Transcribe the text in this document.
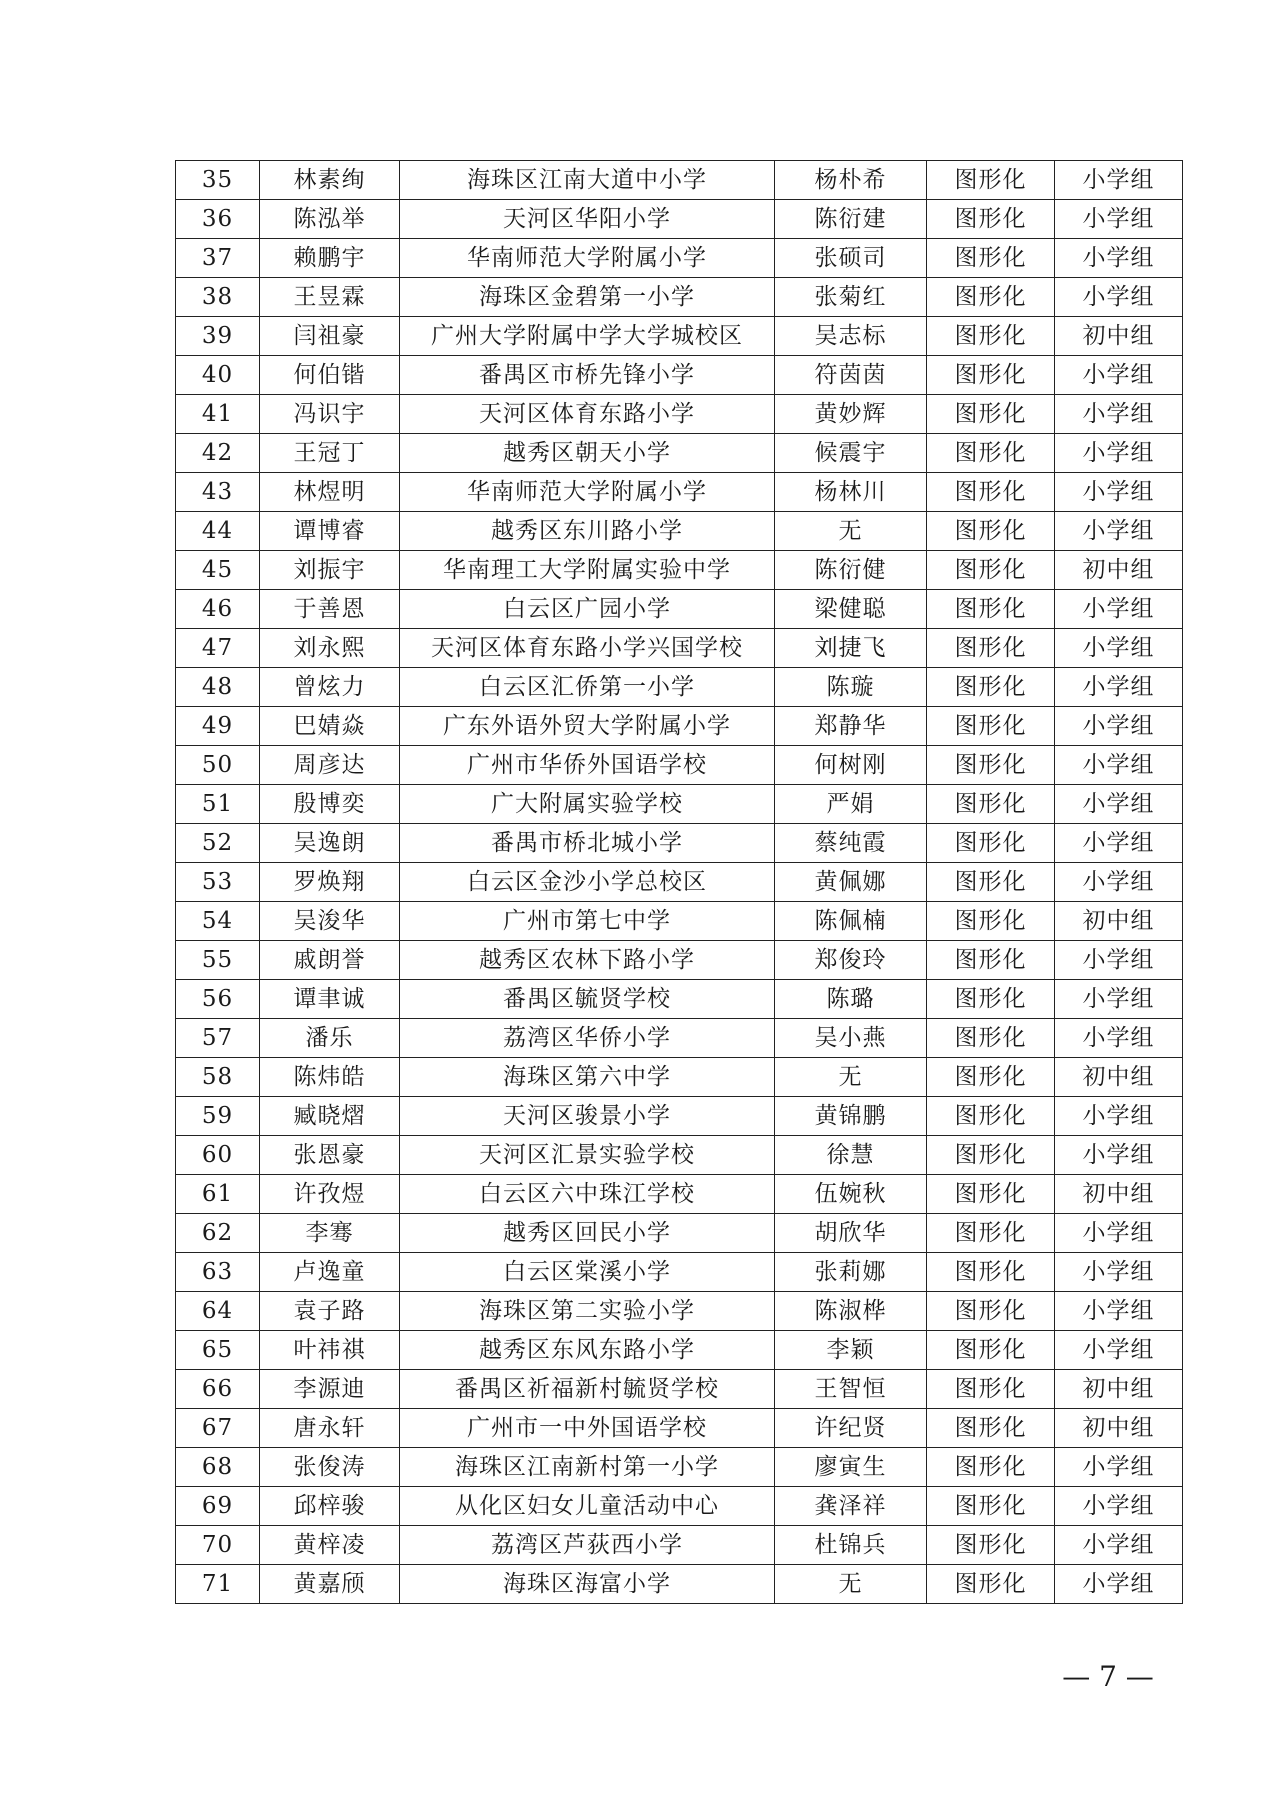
35	林素绚	海珠区江南大道中小学	杨朴希	图形化	小学组
36	陈泓举	天河区华阳小学	陈衍建	图形化	小学组
37	赖鹏宇	华南师范大学附属小学	张硕司	图形化	小学组
38	王昱霖	海珠区金碧第一小学	张菊红	图形化	小学组
39	闫祖豪	广州大学附属中学大学城校区	吴志标	图形化	初中组
40	何伯锴	番禺区市桥先锋小学	符茵茵	图形化	小学组
41	冯识宇	天河区体育东路小学	黄妙辉	图形化	小学组
42	王冠丁	越秀区朝天小学	候震宇	图形化	小学组
43	林煜明	华南师范大学附属小学	杨林川	图形化	小学组
44	谭博睿	越秀区东川路小学	无	图形化	小学组
45	刘振宇	华南理工大学附属实验中学	陈衍健	图形化	初中组
46	于善恩	白云区广园小学	梁健聪	图形化	小学组
47	刘永熙	天河区体育东路小学兴国学校	刘捷飞	图形化	小学组
48	曾炫力	白云区汇侨第一小学	陈璇	图形化	小学组
49	巴婧焱	广东外语外贸大学附属小学	郑静华	图形化	小学组
50	周彦达	广州市华侨外国语学校	何树刚	图形化	小学组
51	殷博奕	广大附属实验学校	严娟	图形化	小学组
52	吴逸朗	番禺市桥北城小学	蔡纯霞	图形化	小学组
53	罗焕翔	白云区金沙小学总校区	黄佩娜	图形化	小学组
54	吴浚华	广州市第七中学	陈佩楠	图形化	初中组
55	戚朗誉	越秀区农林下路小学	郑俊玲	图形化	小学组
56	谭聿诚	番禺区毓贤学校	陈璐	图形化	小学组
57	潘乐	荔湾区华侨小学	吴小燕	图形化	小学组
58	陈炜皓	海珠区第六中学	无	图形化	初中组
59	臧晓熠	天河区骏景小学	黄锦鹏	图形化	小学组
60	张恩豪	天河区汇景实验学校	徐慧	图形化	小学组
61	许孜煜	白云区六中珠江学校	伍婉秋	图形化	初中组
62	李骞	越秀区回民小学	胡欣华	图形化	小学组
63	卢逸童	白云区棠溪小学	张莉娜	图形化	小学组
64	袁子路	海珠区第二实验小学	陈淑桦	图形化	小学组
65	叶祎祺	越秀区东风东路小学	李颖	图形化	小学组
66	李源迪	番禺区祈福新村毓贤学校	王智恒	图形化	初中组
67	唐永轩	广州市一中外国语学校	许纪贤	图形化	初中组
68	张俊涛	海珠区江南新村第一小学	廖寅生	图形化	小学组
69	邱梓骏	从化区妇女儿童活动中心	龚泽祥	图形化	小学组
70	黄梓凌	荔湾区芦荻西小学	杜锦兵	图形化	小学组
71	黄嘉颀	海珠区海富小学	无	图形化	小学组
— 7 —
